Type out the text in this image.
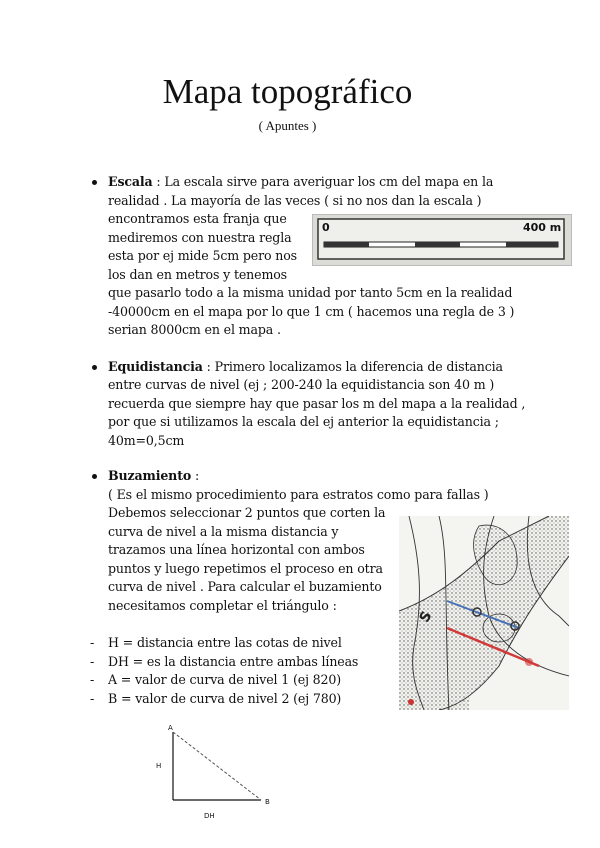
Mapa topográfico
( Apuntes )
Escala : La escala sirve para averiguar los cm del mapa en la
realidad . La mayoría de las veces ( si no nos dan la escala )
encontramos esta franja que
mediremos con nuestra regla
esta por ej mide 5cm pero nos
los dan en metros y tenemos
que pasarlo todo a la misma unidad por tanto 5cm en la realidad
-40000cm en el mapa por lo que 1 cm ( hacemos una regla de 3 )
serian 8000cm en el mapa .
0	400 m
Equidistancia : Primero localizamos la diferencia de distancia
entre curvas de nivel (ej ; 200-240 la equidistancia son 40 m )
recuerda que siempre hay que pasar los m del mapa a la realidad ,
por que si utilizamos la escala del ej anterior la equidistancia ;
40m=0,5cm
Buzamiento :
( Es el mismo procedimiento para estratos como para fallas )
Debemos seleccionar 2 puntos que corten la
curva de nivel a la misma distancia y
trazamos una línea horizontal con ambos
puntos y luego repetimos el proceso en otra
curva de nivel . Para calcular el buzamiento
necesitamos completar el triángulo :
- H = distancia entre las cotas de nivel
- DH = es la distancia entre ambas líneas
- A = valor de curva de nivel 1 (ej 820)
- B = valor de curva de nivel 2 (ej 780)
S
A
H
B
DH
